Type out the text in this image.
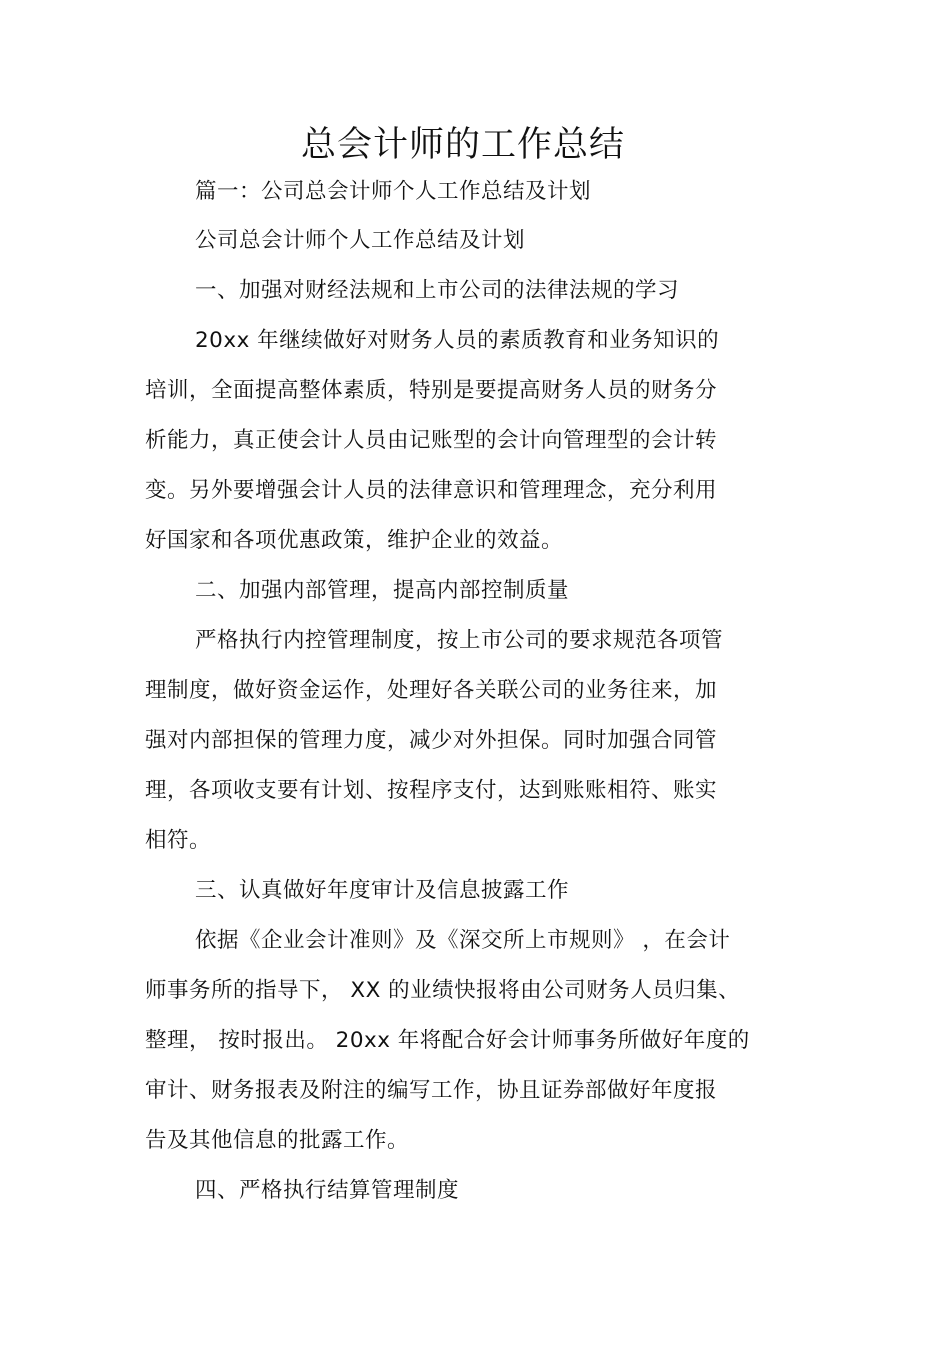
总会计师的工作总结
篇一：公司总会计师个人工作总结及计划
公司总会计师个人工作总结及计划
一、加强对财经法规和上市公司的法律法规的学习
20xx 年继续做好对财务人员的素质教育和业务知识的
培训，全面提高整体素质，特别是要提高财务人员的财务分
析能力，真正使会计人员由记账型的会计向管理型的会计转
变。另外要增强会计人员的法律意识和管理理念，充分利用
好国家和各项优惠政策，维护企业的效益。
二、加强内部管理，提高内部控制质量
严格执行内控管理制度，按上市公司的要求规范各项管
理制度，做好资金运作，处理好各关联公司的业务往来，加
强对内部担保的管理力度，减少对外担保。同时加强合同管
理，各项收支要有计划、按程序支付，达到账账相符、账实
相符。
三、认真做好年度审计及信息披露工作
依据《企业会计准则》及《深交所上市规则》 ，在会计
师事务所的指导下， XX 的业绩快报将由公司财务人员归集、
整理， 按时报出。 20xx 年将配合好会计师事务所做好年度的
审计、财务报表及附注的编写工作，协且证券部做好年度报
告及其他信息的批露工作。
四、严格执行结算管理制度
